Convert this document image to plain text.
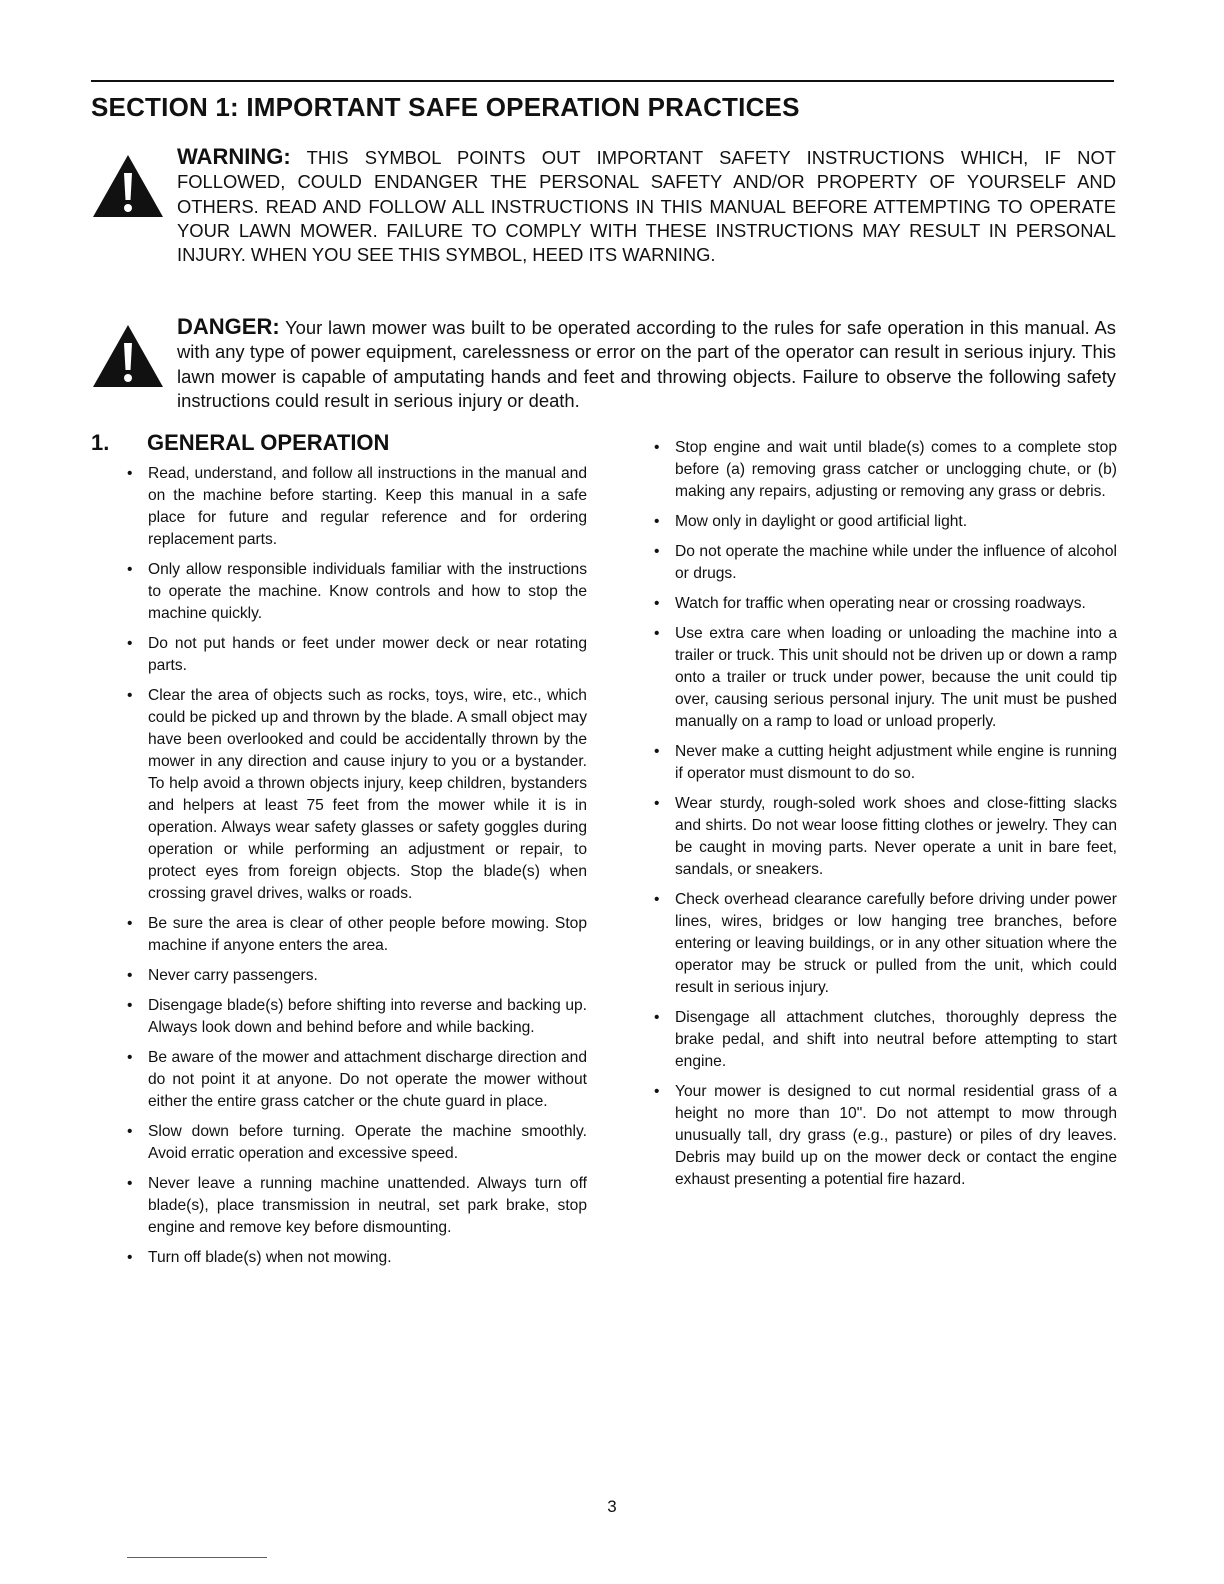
SECTION 1: IMPORTANT SAFE OPERATION PRACTICES
WARNING: THIS SYMBOL POINTS OUT IMPORTANT SAFETY INSTRUCTIONS WHICH, IF NOT FOLLOWED, COULD ENDANGER THE PERSONAL SAFETY AND/OR PROPERTY OF YOURSELF AND OTHERS. READ AND FOLLOW ALL INSTRUCTIONS IN THIS MANUAL BEFORE ATTEMPTING TO OPERATE YOUR LAWN MOWER. FAILURE TO COMPLY WITH THESE INSTRUCTIONS MAY RESULT IN PERSONAL INJURY. WHEN YOU SEE THIS SYMBOL, HEED ITS WARNING.
DANGER: Your lawn mower was built to be operated according to the rules for safe operation in this manual. As with any type of power equipment, carelessness or error on the part of the operator can result in serious injury. This lawn mower is capable of amputating hands and feet and throwing objects. Failure to observe the following safety instructions could result in serious injury or death.
1.	GENERAL OPERATION
• Read, understand, and follow all instructions in the manual and on the machine before starting. Keep this manual in a safe place for future and regular reference and for ordering replacement parts.
• Only allow responsible individuals familiar with the instructions to operate the machine. Know controls and how to stop the machine quickly.
• Do not put hands or feet under mower deck or near rotating parts.
• Clear the area of objects such as rocks, toys, wire, etc., which could be picked up and thrown by the blade. A small object may have been overlooked and could be accidentally thrown by the mower in any direction and cause injury to you or a bystander. To help avoid a thrown objects injury, keep children, bystanders and helpers at least 75 feet from the mower while it is in operation. Always wear safety glasses or safety goggles during operation or while performing an adjustment or repair, to protect eyes from foreign objects. Stop the blade(s) when crossing gravel drives, walks or roads.
• Be sure the area is clear of other people before mowing. Stop machine if anyone enters the area.
• Never carry passengers.
• Disengage blade(s) before shifting into reverse and backing up. Always look down and behind before and while backing.
• Be aware of the mower and attachment discharge direction and do not point it at anyone. Do not operate the mower without either the entire grass catcher or the chute guard in place.
• Slow down before turning. Operate the machine smoothly. Avoid erratic operation and excessive speed.
• Never leave a running machine unattended. Always turn off blade(s), place transmission in neutral, set park brake, stop engine and remove key before dismounting.
• Turn off blade(s) when not mowing.
• Stop engine and wait until blade(s) comes to a complete stop before (a) removing grass catcher or unclogging chute, or (b) making any repairs, adjusting or removing any grass or debris.
• Mow only in daylight or good artificial light.
• Do not operate the machine while under the influence of alcohol or drugs.
• Watch for traffic when operating near or crossing roadways.
• Use extra care when loading or unloading the machine into a trailer or truck. This unit should not be driven up or down a ramp onto a trailer or truck under power, because the unit could tip over, causing serious personal injury. The unit must be pushed manually on a ramp to load or unload properly.
• Never make a cutting height adjustment while engine is running if operator must dismount to do so.
• Wear sturdy, rough-soled work shoes and close-fitting slacks and shirts. Do not wear loose fitting clothes or jewelry. They can be caught in moving parts. Never operate a unit in bare feet, sandals, or sneakers.
• Check overhead clearance carefully before driving under power lines, wires, bridges or low hanging tree branches, before entering or leaving buildings, or in any other situation where the operator may be struck or pulled from the unit, which could result in serious injury.
• Disengage all attachment clutches, thoroughly depress the brake pedal, and shift into neutral before attempting to start engine.
• Your mower is designed to cut normal residential grass of a height no more than 10". Do not attempt to mow through unusually tall, dry grass (e.g., pasture) or piles of dry leaves. Debris may build up on the mower deck or contact the engine exhaust presenting a potential fire hazard.
3
